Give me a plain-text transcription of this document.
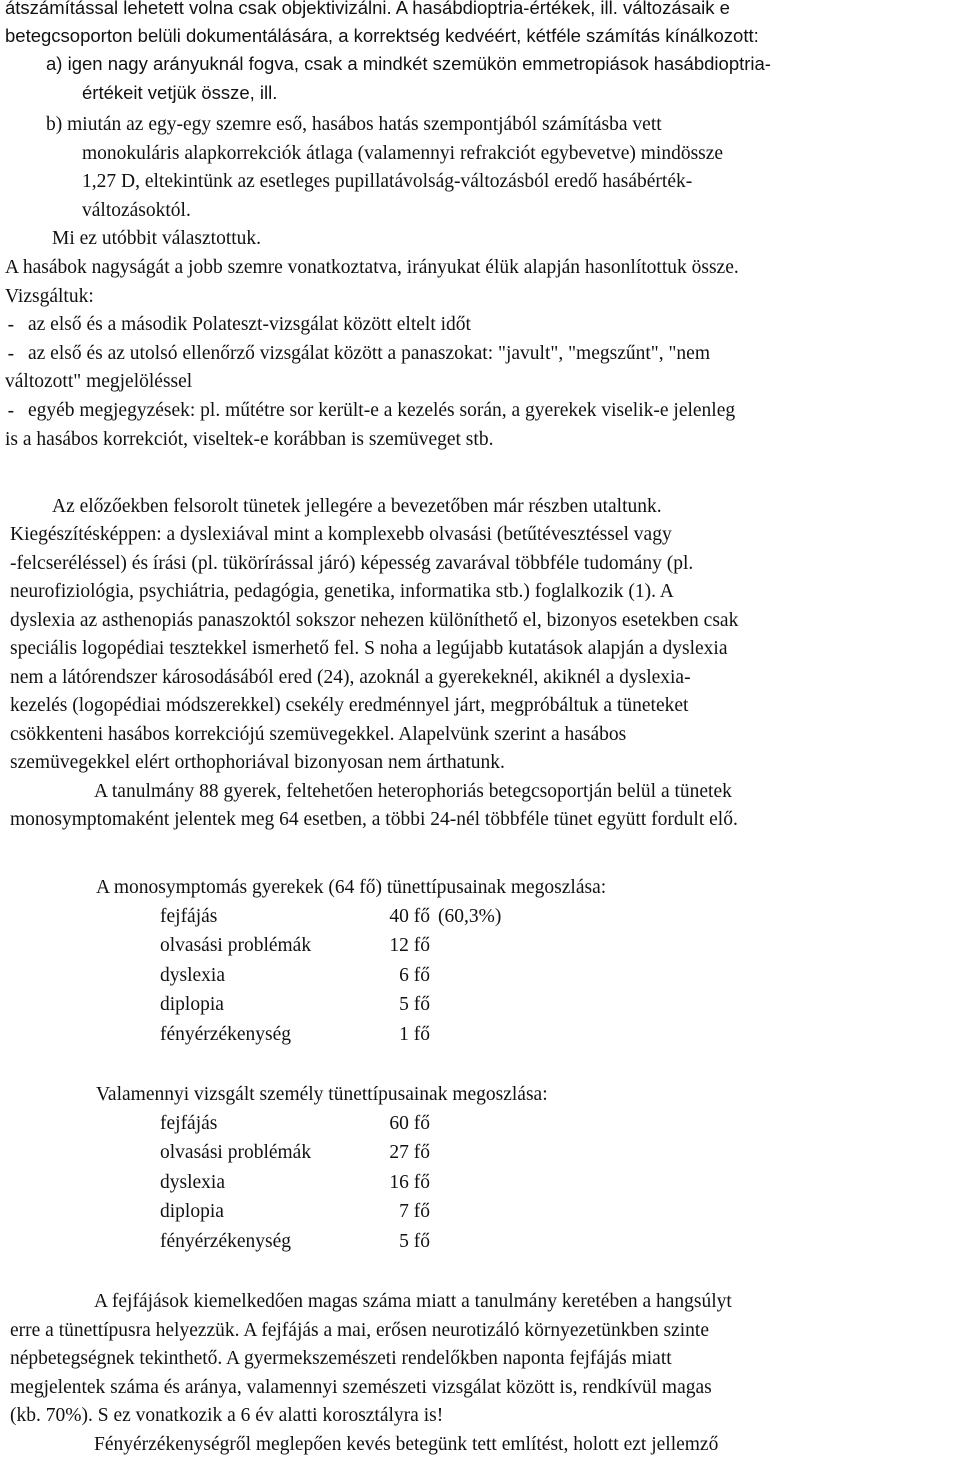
átszámítással lehetett volna csak objektivizálni. A hasábdioptria-értékek, ill. változásaik e
betegcsoporton belüli dokumentálására, a korrektség kedvéért, kétféle számítás kínálkozott:
a) igen nagy arányuknál fogva, csak a mindkét szemükön emmetropiások hasábdioptria-
értékeit vetjük össze, ill.
b) miután az egy-egy szemre eső, hasábos hatás szempontjából számításba vett
monokuláris alapkorrekciók átlaga (valamennyi refrakciót egybevetve) mindössze
1,27 D, eltekintünk az esetleges pupillatávolság-változásból eredő hasábérték-
változásoktól.
Mi ez utóbbit választottuk.
A hasábok nagyságát a jobb szemre vonatkoztatva, irányukat élük alapján hasonlítottuk össze.
Vizsgáltuk:
- az első és a második Polateszt-vizsgálat között eltelt időt
- az első és az utolsó ellenőrző vizsgálat között a panaszokat: "javult", "megszűnt", "nem
változott" megjelöléssel
- egyéb megjegyzések: pl. műtétre sor került-e a kezelés során, a gyerekek viselik-e jelenleg
is a hasábos korrekciót, viseltek-e korábban is szemüveget stb.
Az előzőekben felsorolt tünetek jellegére a bevezetőben már részben utaltunk.
Kiegészítésképpen: a dyslexiával mint a komplexebb olvasási (betűtévesztéssel vagy
-felcseréléssel) és írási (pl. tükörírással járó) képesség zavarával többféle tudomány (pl.
neurofiziológia, psychiátria, pedagógia, genetika, informatika stb.) foglalkozik (1). A
dyslexia az asthenopiás panaszoktól sokszor nehezen különíthető el, bizonyos esetekben csak
speciális logopédiai tesztekkel ismerhető fel. S noha a legújabb kutatások alapján a dyslexia
nem a látórendszer károsodásából ered (24), azoknál a gyerekeknél, akiknél a dyslexia-
kezelés (logopédiai módszerekkel) csekély eredménnyel járt, megpróbáltuk a tüneteket
csökkenteni hasábos korrekciójú szemüvegekkel. Alapelvünk szerint a hasábos
szemüvegekkel elért orthophoriával bizonyosan nem árthatunk.
A tanulmány 88 gyerek, feltehetően heterophoriás betegcsoportján belül a tünetek
monosymptomaként jelentek meg 64 esetben, a többi 24-nél többféle tünet együtt fordult elő.
A monosymptomás gyerekek (64 fő) tünettípusainak megoszlása:
fejfájás	40 fő (60,3%)
olvasási problémák	12 fő
dyslexia	6 fő
diplopia	5 fő
fényérzékenység	1 fő
Valamennyi vizsgált személy tünettípusainak megoszlása:
fejfájás	60 fő
olvasási problémák	27 fő
dyslexia	16 fő
diplopia	7 fő
fényérzékenység	5 fő
A fejfájások kiemelkedően magas száma miatt a tanulmány keretében a hangsúlyt
erre a tünettípusra helyezzük. A fejfájás a mai, erősen neurotizáló környezetünkben szinte
népbetegségnek tekinthető. A gyermekszemészeti rendelőkben naponta fejfájás miatt
megjelentek száma és aránya, valamennyi szemészeti vizsgálat között is, rendkívül magas
(kb. 70%). S ez vonatkozik a 6 év alatti korosztályra is!
Fényérzékenységről meglepően kevés betegünk tett említést, holott ezt jellemző
